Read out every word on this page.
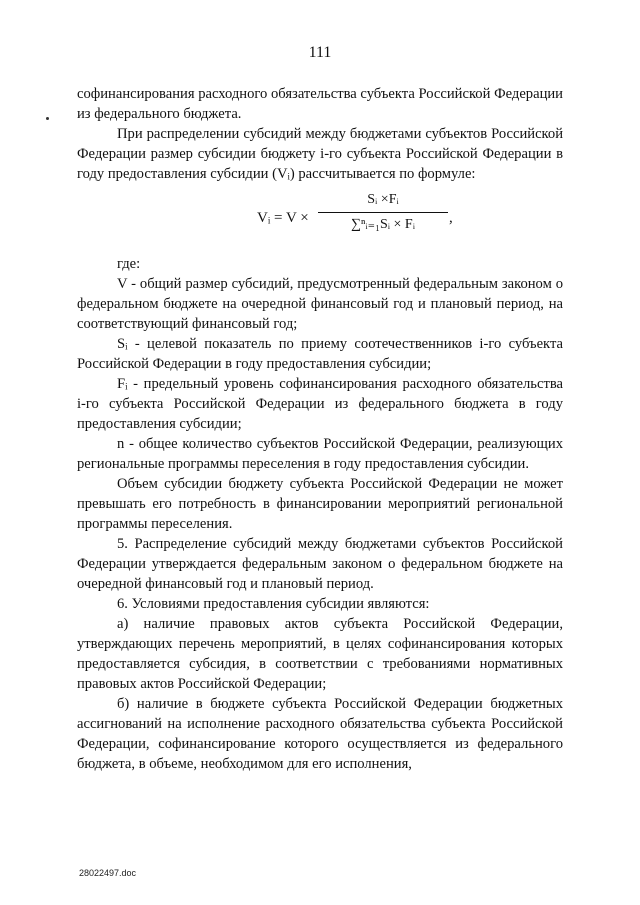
111

софинансирования расходного обязательства субъекта Российской Федерации из федерального бюджета.

При распределении субсидий между бюджетами субъектов Российской Федерации размер субсидии бюджету i-го субъекта Российской Федерации в году предоставления субсидии (Vᵢ) рассчитывается по формуле:

Vᵢ = $V \times \frac{\text{Sᵢ ×Fᵢ}}{\text{∑ⁿᵢ₌₁Sᵢ × Fᵢ}}$ ,

где:

V - общий размер субсидий, предусмотренный федеральным законом о федеральном бюджете на очередной финансовый год и плановый период, на соответствующий финансовый год;

Sᵢ - целевой показатель по приему соотечественников i-го субъекта Российской Федерации в году предоставления субсидии;

Fᵢ - предельный уровень софинансирования расходного обязательства i-го субъекта Российской Федерации из федерального бюджета в году предоставления субсидии;

n - общее количество субъектов Российской Федерации, реализующих региональные программы переселения в году предоставления субсидии.

Объем субсидии бюджету субъекта Российской Федерации не может превышать его потребность в финансировании мероприятий региональной программы переселения.

5. Распределение субсидий между бюджетами субъектов Российской Федерации утверждается федеральным законом о федеральном бюджете на очередной финансовый год и плановый период.

6. Условиями предоставления субсидии являются:

а) наличие правовых актов субъекта Российской Федерации, утверждающих перечень мероприятий, в целях софинансирования которых предоставляется субсидия, в соответствии с требованиями нормативных правовых актов Российской Федерации;

б) наличие в бюджете субъекта Российской Федерации бюджетных ассигнований на исполнение расходного обязательства субъекта Российской Федерации, софинансирование которого осуществляется из федерального бюджета, в объеме, необходимом для его исполнения,

28022497.doc
